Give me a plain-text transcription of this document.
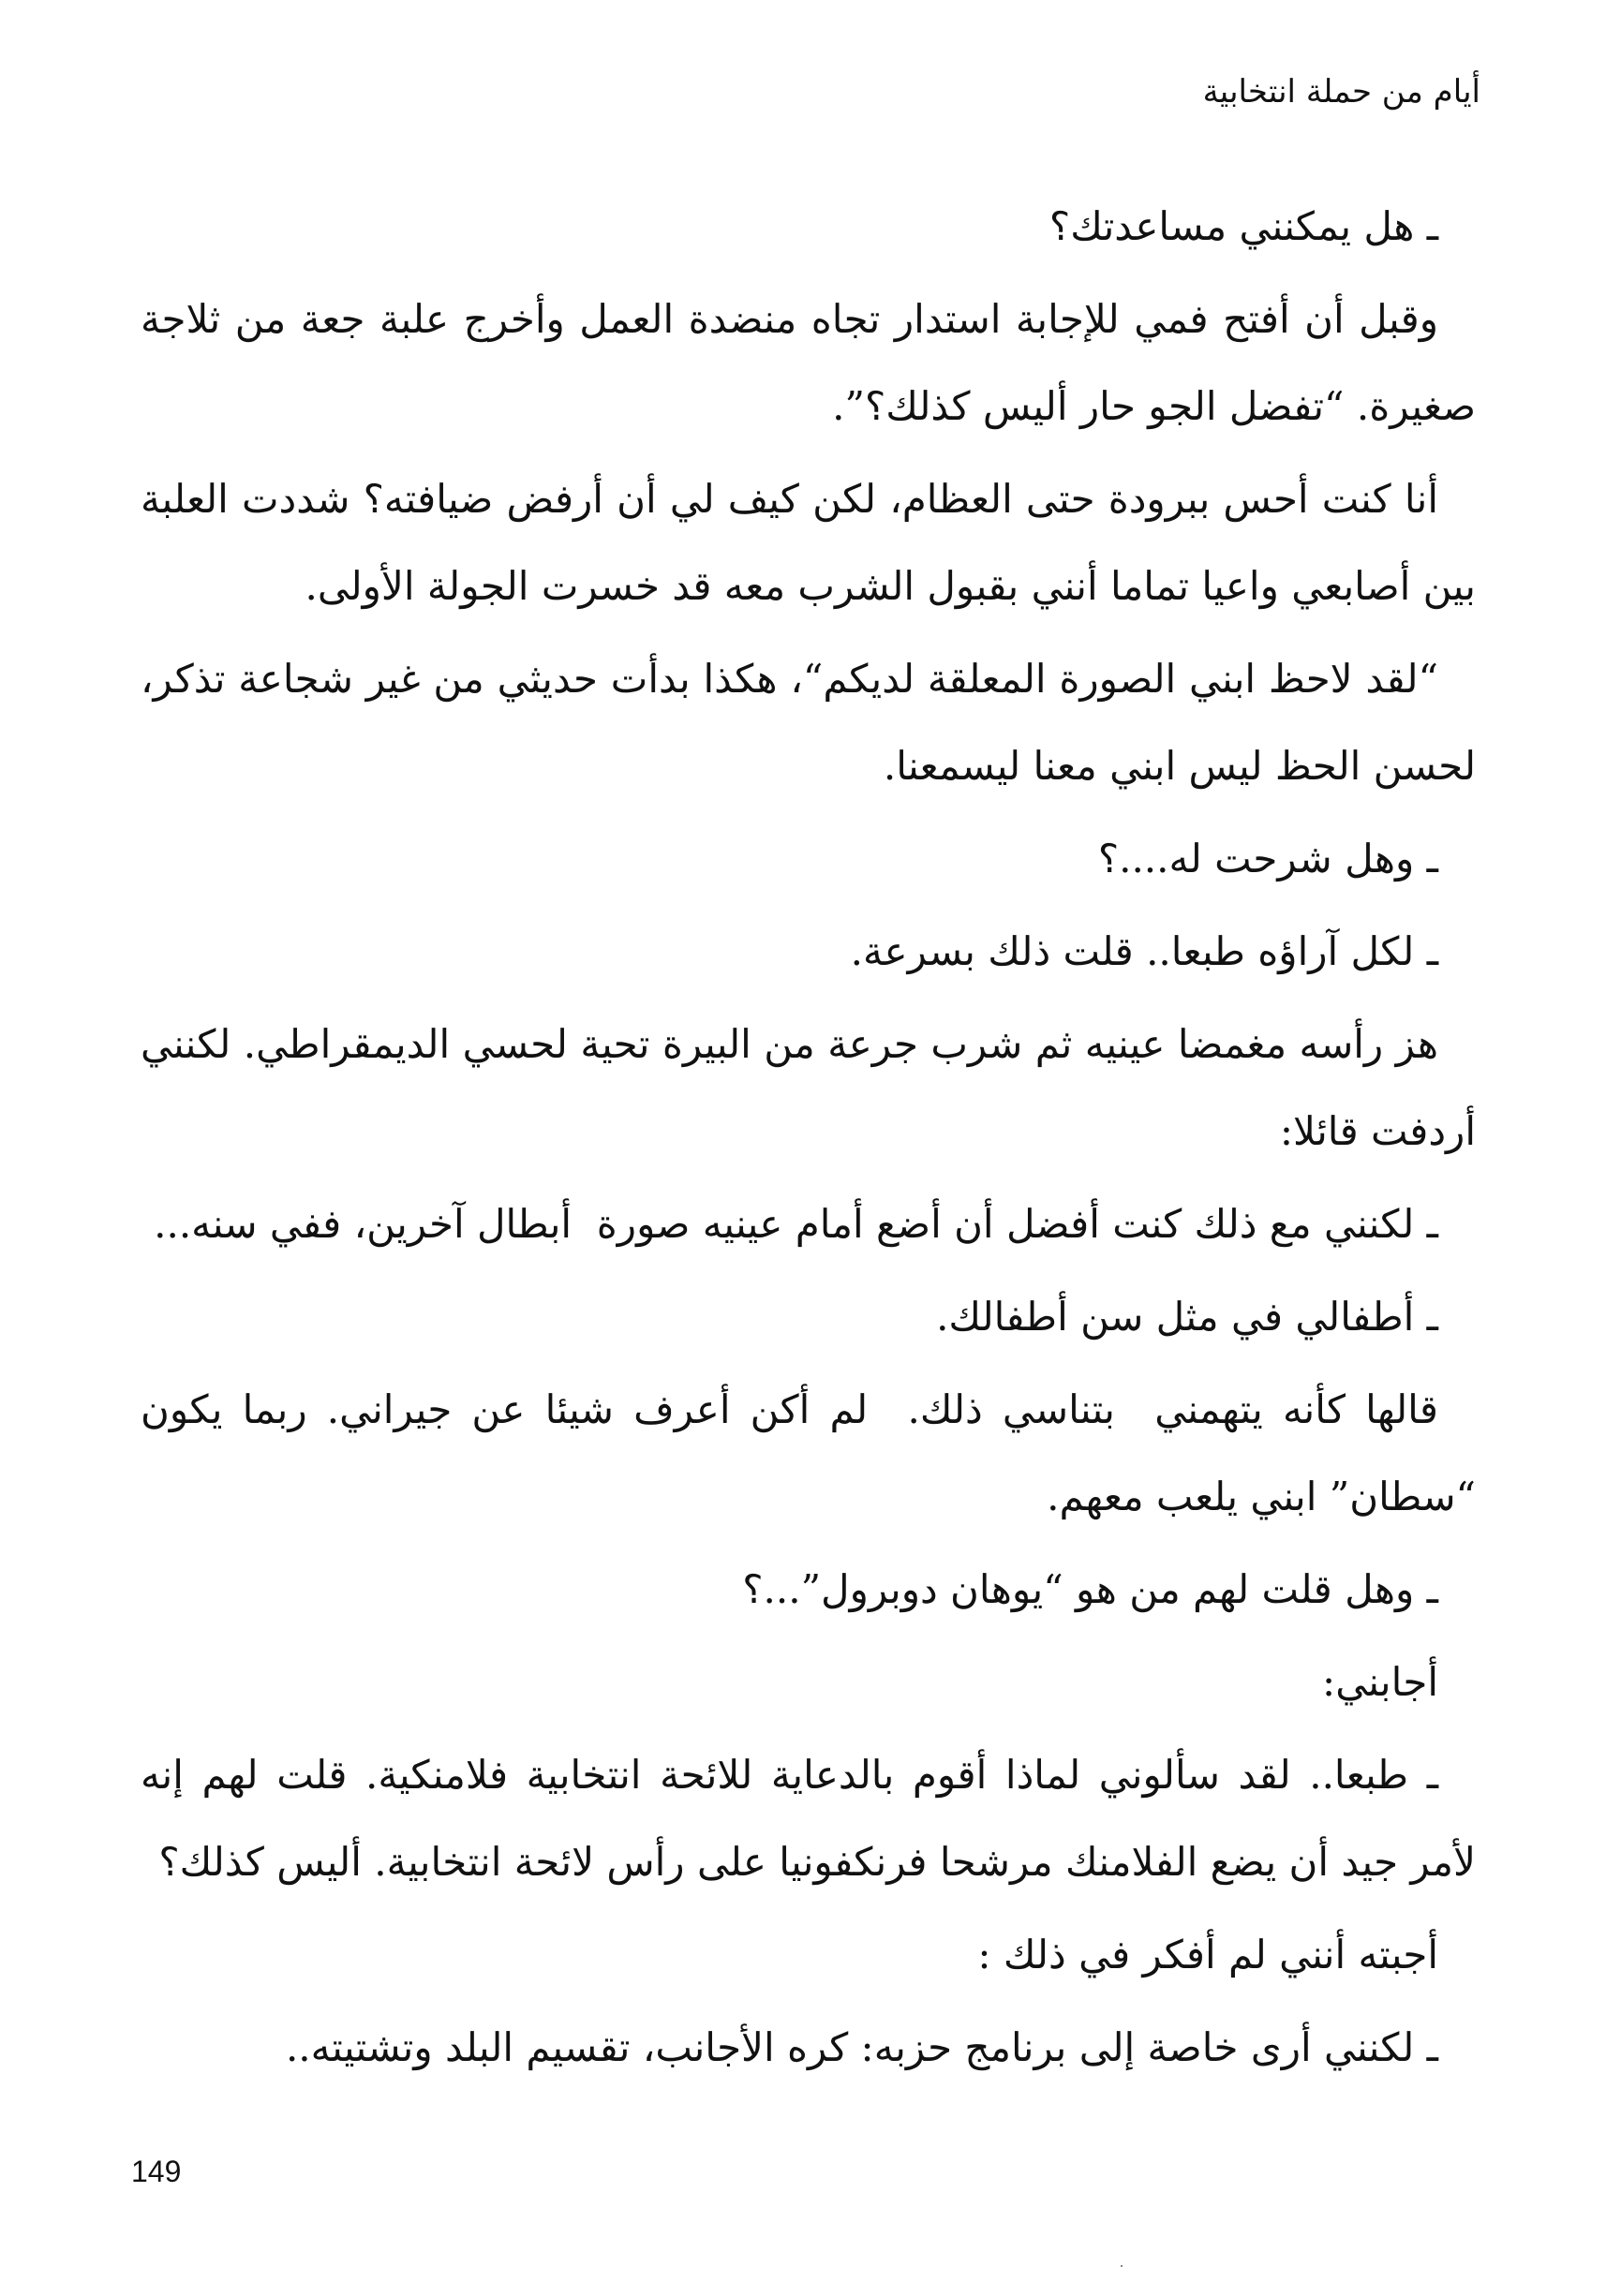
أيام من حملة انتخابية

ـ هل يمكنني مساعدتك؟

وقبل أن أفتح فمي للإجابة استدار تجاه منضدة العمل وأخرج علبة جعة من ثلاجة صغيرة. “تفضل الجو حار أليس كذلك؟”.

أنا كنت أحس ببرودة حتى العظام، لكن كيف لي أن أرفض ضيافته؟ شددت العلبة بين أصابعي واعيا تماما أنني بقبول الشرب معه قد خسرت الجولة الأولى.

“لقد لاحظ ابني الصورة المعلقة لديكم“، هكذا بدأت حديثي من غير شجاعة تذكر، لحسن الحظ ليس ابني معنا ليسمعنا.

ـ وهل شرحت له....؟

ـ لكل آراؤه طبعا.. قلت ذلك بسرعة.

هز رأسه مغمضا عينيه ثم شرب جرعة من البيرة تحية لحسي الديمقراطي. لكنني أردفت قائلا:

ـ لكنني مع ذلك كنت أفضل أن أضع أمام عينيه صورة  أبطال آخرين، ففي سنه...

ـ أطفالي في مثل سن أطفالك.

قالها كأنه يتهمني  بتناسي ذلك.  لم أكن أعرف شيئا عن جيراني. ربما يكون “سطان” ابني يلعب معهم.

ـ وهل قلت لهم من هو “يوهان دوبرول”...؟

أجابني:

ـ طبعا.. لقد سألوني لماذا أقوم بالدعاية للائحة انتخابية فلامنكية. قلت لهم إنه لأمر جيد أن يضع الفلامنك مرشحا فرنكفونيا على رأس لائحة انتخابية. أليس كذلك؟

أجبته أنني لم أفكر في ذلك :

ـ لكنني أرى خاصة إلى برنامج حزبه: كره الأجانب، تقسيم البلد وتشتيته..

149
